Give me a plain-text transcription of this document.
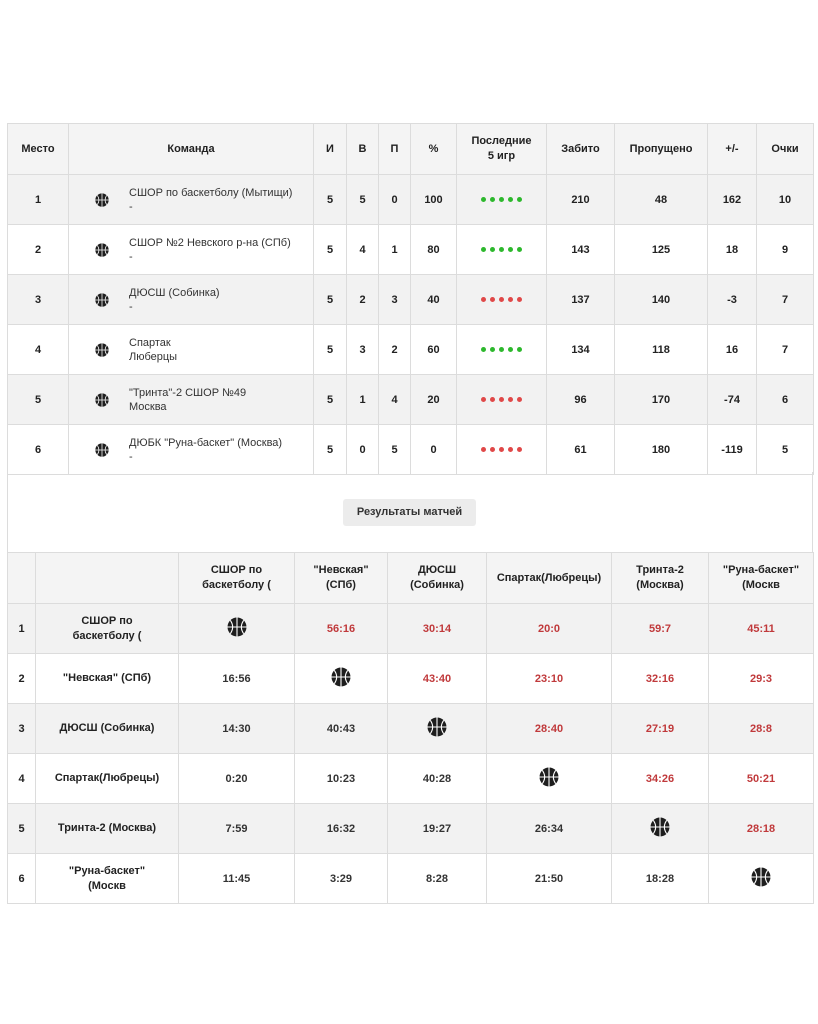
Место	Команда	И	В	П	%	Последние
5 игр	Забито	Пропущено	+/-	Очки
1	СШОР по баскетболу (Мытищи)
-	5	5	0	100		210	48	162	10
2	СШОР №2 Невского р-на (СПб)
-	5	4	1	80		143	125	18	9
3	ДЮСШ (Собинка)
-	5	2	3	40		137	140	-3	7
4	Спартак
Люберцы	5	3	2	60		134	118	16	7
5	"Тринта"-2 СШОР №49
Москва	5	1	4	20		96	170	-74	6
6	ДЮБК "Руна-баскет" (Москва)
-	5	0	5	0		61	180	-119	5
Результаты матчей
		СШОР по
баскетболу (	"Невская"
(СПб)	ДЮСШ
(Собинка)	Спартак(Любрецы)	Тринта-2
(Москва)	"Руна-баскет"
(Москв
1	СШОР по
баскетболу (		56:16	30:14	20:0	59:7	45:11
2	"Невская" (СПб)	16:56		43:40	23:10	32:16	29:3
3	ДЮСШ (Собинка)	14:30	40:43		28:40	27:19	28:8
4	Спартак(Любрецы)	0:20	10:23	40:28		34:26	50:21
5	Тринта-2 (Москва)	7:59	16:32	19:27	26:34		28:18
6	"Руна-баскет"
(Москв	11:45	3:29	8:28	21:50	18:28	
